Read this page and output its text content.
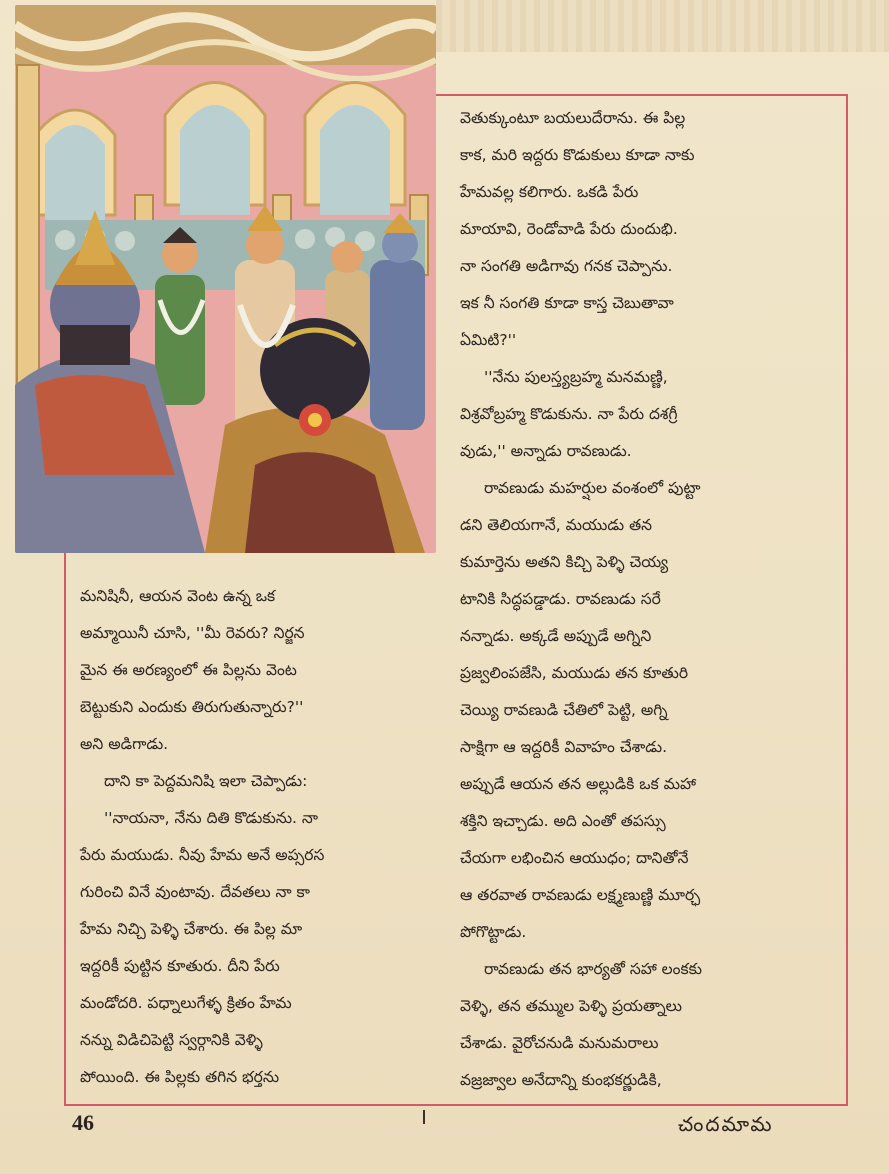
వెతుక్కుంటూ బయలుదేరాను. ఈ పిల్ల

కాక, మరి ఇద్దరు కొడుకులు కూడా నాకు

హేమవల్ల కలిగారు. ఒకడి పేరు

మాయావి, రెండోవాడి పేరు దుందుభి.

నా సంగతి అడిగావు గనక చెప్పాను.

ఇక నీ సంగతి కూడా కాస్త చెబుతావా

ఏమిటి?''

''నేను పులస్త్యబ్రహ్మ మనమణ్ణి,

విశ్రవోబ్రహ్మ కొడుకును. నా పేరు దశగ్రీ

వుడు,'' అన్నాడు రావణుడు.

రావణుడు మహర్షుల వంశంలో పుట్టా

డని తెలియగానే, మయుడు తన

కుమార్తెను అతని కిచ్చి పెళ్ళి చెయ్య

టానికి సిద్ధపడ్డాడు. రావణుడు సరే

నన్నాడు. అక్కడే అప్పుడే అగ్నిని

ప్రజ్వలింపజేసి, మయుడు తన కూతురి

చెయ్యి రావణుడి చేతిలో పెట్టి, అగ్ని

సాక్షిగా ఆ ఇద్దరికీ వివాహం చేశాడు.

అప్పుడే ఆయన తన అల్లుడికి ఒక మహా

శక్తిని ఇచ్చాడు. అది ఎంతో తపస్సు

చేయగా లభించిన ఆయుధం; దానితోనే

ఆ తరవాత రావణుడు లక్ష్మణుణ్ణి మూర్ఛ

పోగొట్టాడు.

రావణుడు తన భార్యతో సహా లంకకు

వెళ్ళి, తన తమ్ముల పెళ్ళి ప్రయత్నాలు

చేశాడు. వైరోచనుడి మనుమరాలు

వజ్రజ్వాల అనేదాన్ని కుంభకర్ణుడికి,

మనిషినీ, ఆయన వెంట ఉన్న ఒక

అమ్మాయినీ చూసి, ''మీ రెవరు? నిర్జన

మైన ఈ అరణ్యంలో ఈ పిల్లను వెంట

బెట్టుకుని ఎందుకు తిరుగుతున్నారు?''

అని అడిగాడు.

దాని కా పెద్దమనిషి ఇలా చెప్పాడు:

''నాయనా, నేను దితి కొడుకును. నా

పేరు మయుడు. నీవు హేమ అనే అప్సరస

గురించి వినే వుంటావు. దేవతలు నా కా

హేమ నిచ్చి పెళ్ళి చేశారు. ఈ పిల్ల మా

ఇద్దరికీ పుట్టిన కూతురు. దీని పేరు

మండోదరి. పధ్నాలుగేళ్ళ క్రితం హేమ

నన్ను విడిచిపెట్టి స్వర్గానికి వెళ్ళి

పోయింది. ఈ పిల్లకు తగిన భర్తను

46	చందమామ
